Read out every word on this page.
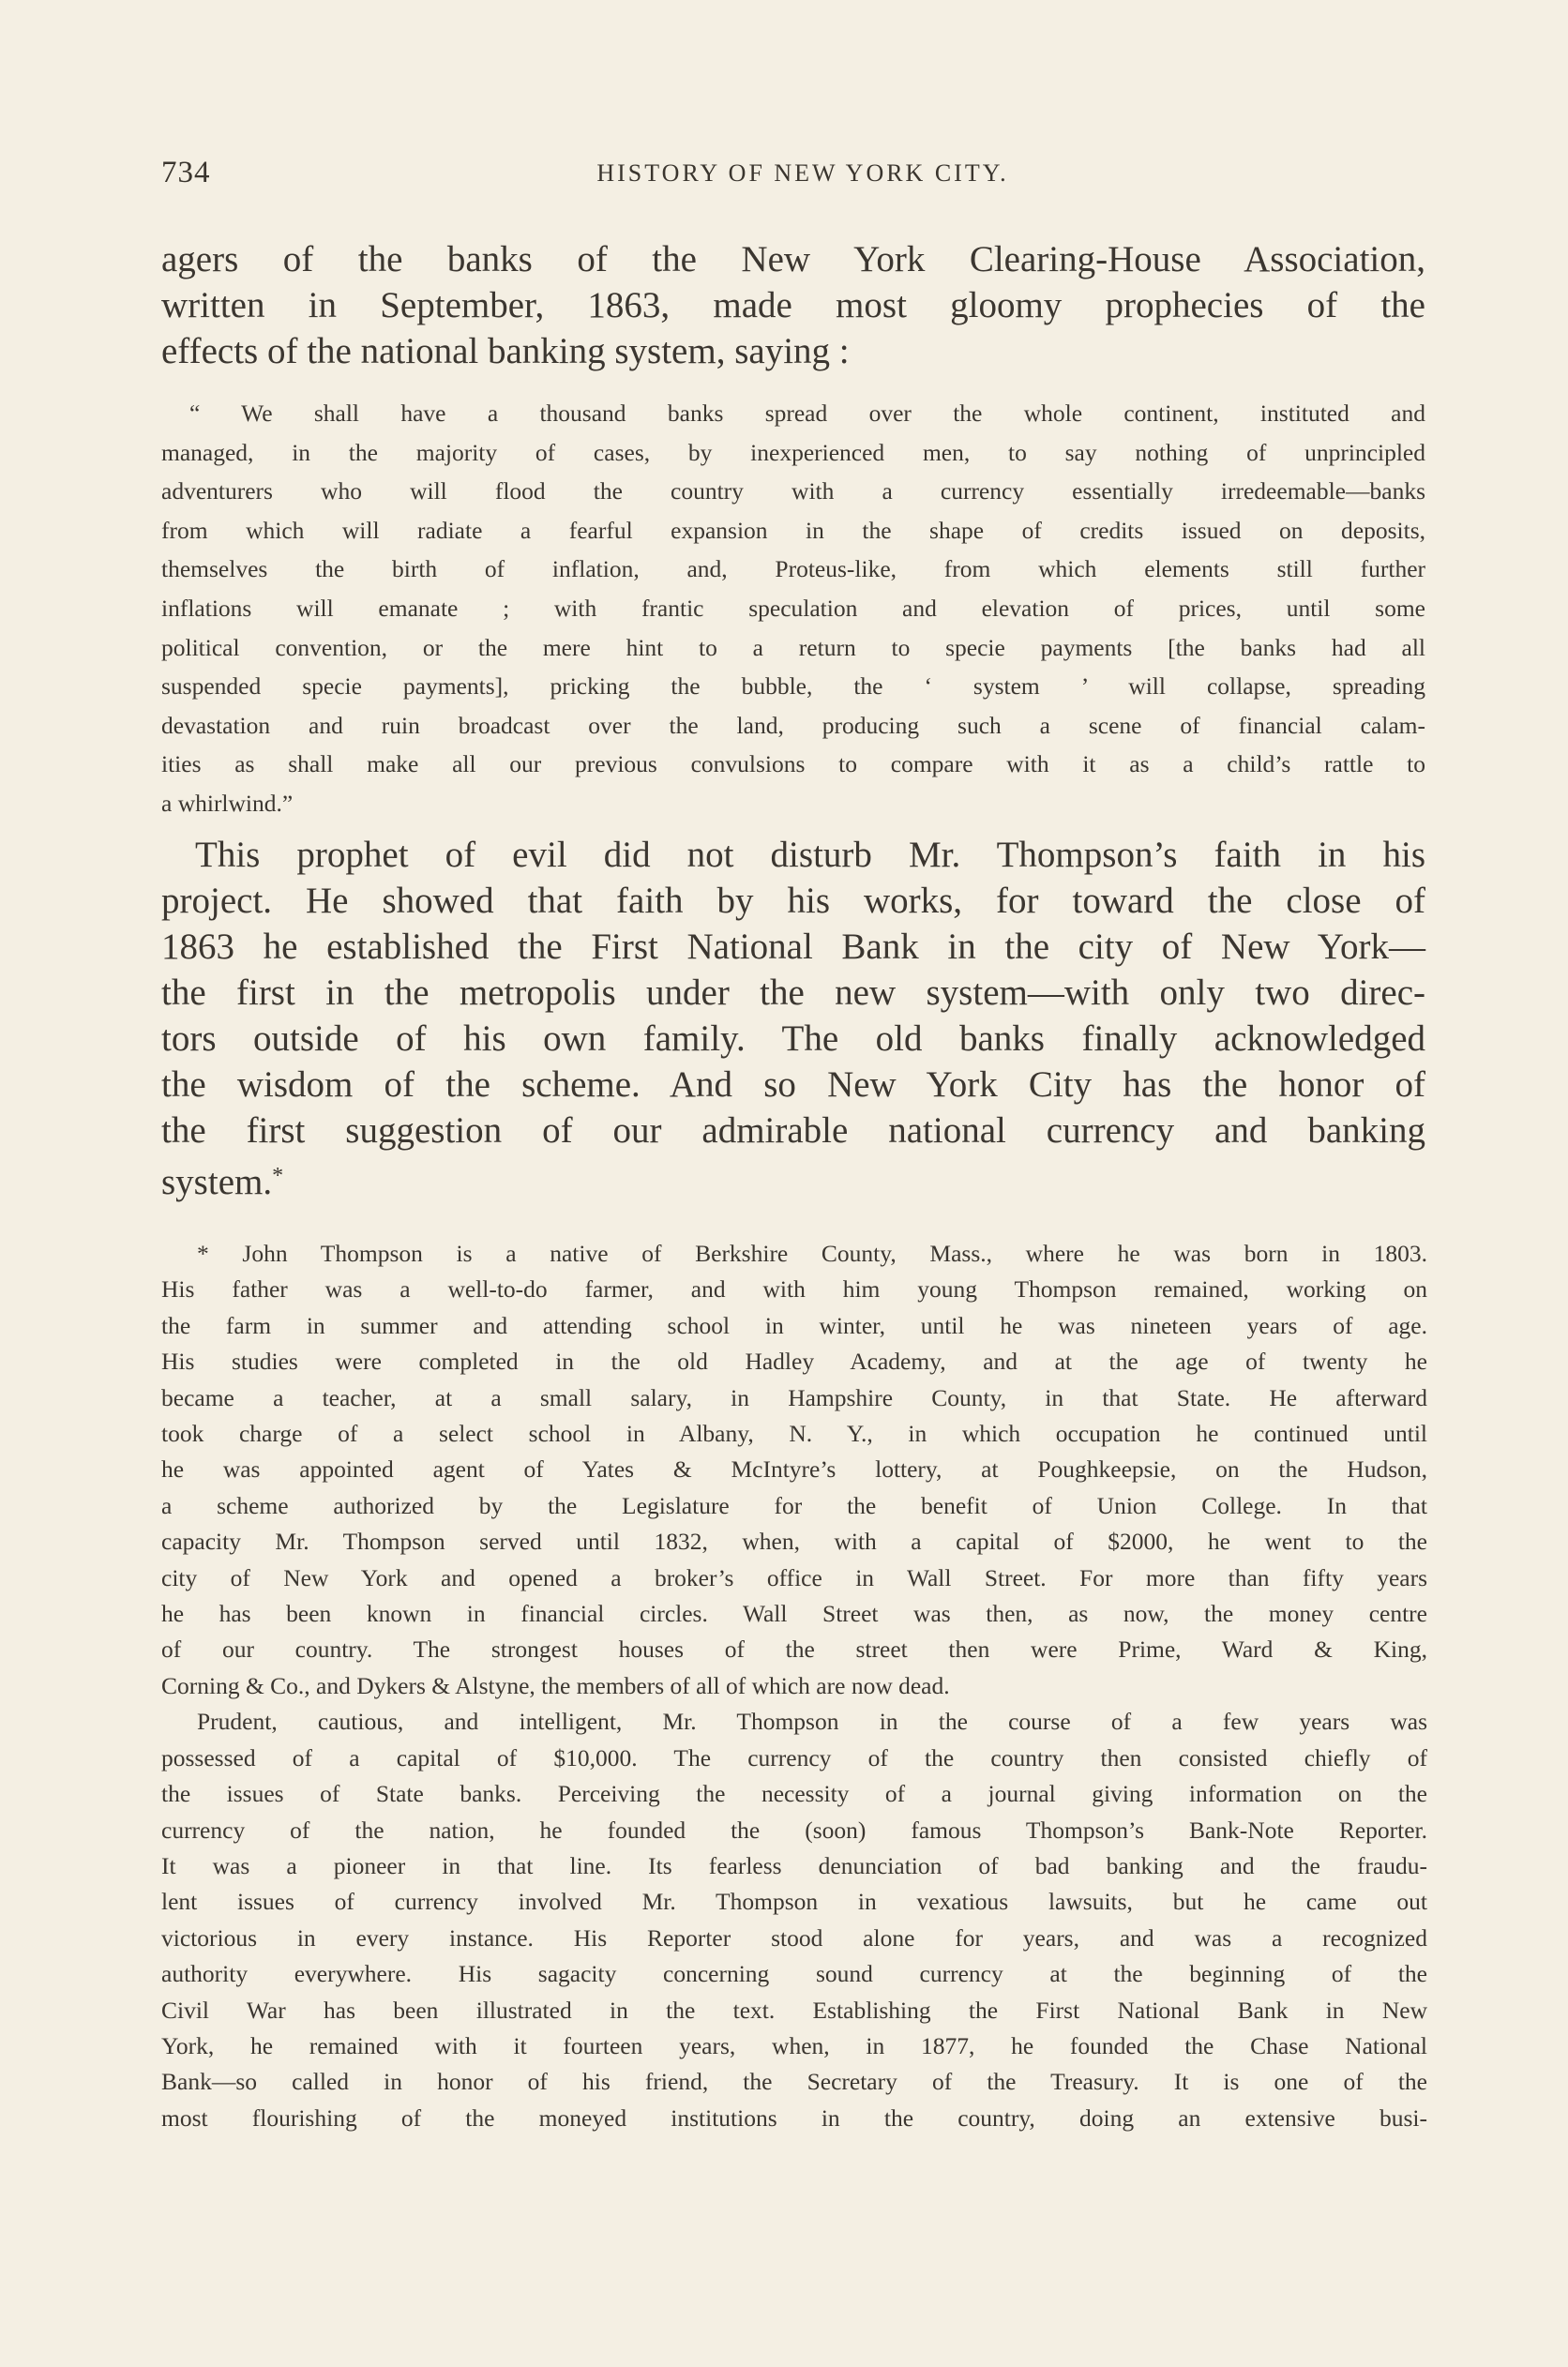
734	HISTORY OF NEW YORK CITY.
agers of the banks of the New York Clearing-House Association,
written in September, 1863, made most gloomy prophecies of the
effects of the national banking system, saying :
“ We shall have a thousand banks spread over the whole continent, instituted and
managed, in the majority of cases, by inexperienced men, to say nothing of unprincipled
adventurers who will flood the country with a currency essentially irredeemable—banks
from which will radiate a fearful expansion in the shape of credits issued on deposits,
themselves the birth of inflation, and, Proteus-like, from which elements still further
inflations will emanate ; with frantic speculation and elevation of prices, until some
political convention, or the mere hint to a return to specie payments [the banks had all
suspended specie payments], pricking the bubble, the ‘ system ’ will collapse, spreading
devastation and ruin broadcast over the land, producing such a scene of financial calam-
ities as shall make all our previous convulsions to compare with it as a child’s rattle to
a whirlwind.”
This prophet of evil did not disturb Mr. Thompson’s faith in his
project. He showed that faith by his works, for toward the close of
1863 he established the First National Bank in the city of New York—
the first in the metropolis under the new system—with only two direc-
tors outside of his own family. The old banks finally acknowledged
the wisdom of the scheme. And so New York City has the honor of
the first suggestion of our admirable national currency and banking
system.*
* John Thompson is a native of Berkshire County, Mass., where he was born in 1803.
His father was a well-to-do farmer, and with him young Thompson remained, working on
the farm in summer and attending school in winter, until he was nineteen years of age.
His studies were completed in the old Hadley Academy, and at the age of twenty he
became a teacher, at a small salary, in Hampshire County, in that State. He afterward
took charge of a select school in Albany, N. Y., in which occupation he continued until
he was appointed agent of Yates & McIntyre’s lottery, at Poughkeepsie, on the Hudson,
a scheme authorized by the Legislature for the benefit of Union College. In that
capacity Mr. Thompson served until 1832, when, with a capital of $2000, he went to the
city of New York and opened a broker’s office in Wall Street. For more than fifty years
he has been known in financial circles. Wall Street was then, as now, the money centre
of our country. The strongest houses of the street then were Prime, Ward & King,
Corning & Co., and Dykers & Alstyne, the members of all of which are now dead.
Prudent, cautious, and intelligent, Mr. Thompson in the course of a few years was
possessed of a capital of $10,000. The currency of the country then consisted chiefly of
the issues of State banks. Perceiving the necessity of a journal giving information on the
currency of the nation, he founded the (soon) famous Thompson’s Bank-Note Reporter.
It was a pioneer in that line. Its fearless denunciation of bad banking and the fraudu-
lent issues of currency involved Mr. Thompson in vexatious lawsuits, but he came out
victorious in every instance. His Reporter stood alone for years, and was a recognized
authority everywhere. His sagacity concerning sound currency at the beginning of the
Civil War has been illustrated in the text. Establishing the First National Bank in New
York, he remained with it fourteen years, when, in 1877, he founded the Chase National
Bank—so called in honor of his friend, the Secretary of the Treasury. It is one of the
most flourishing of the moneyed institutions in the country, doing an extensive busi-
